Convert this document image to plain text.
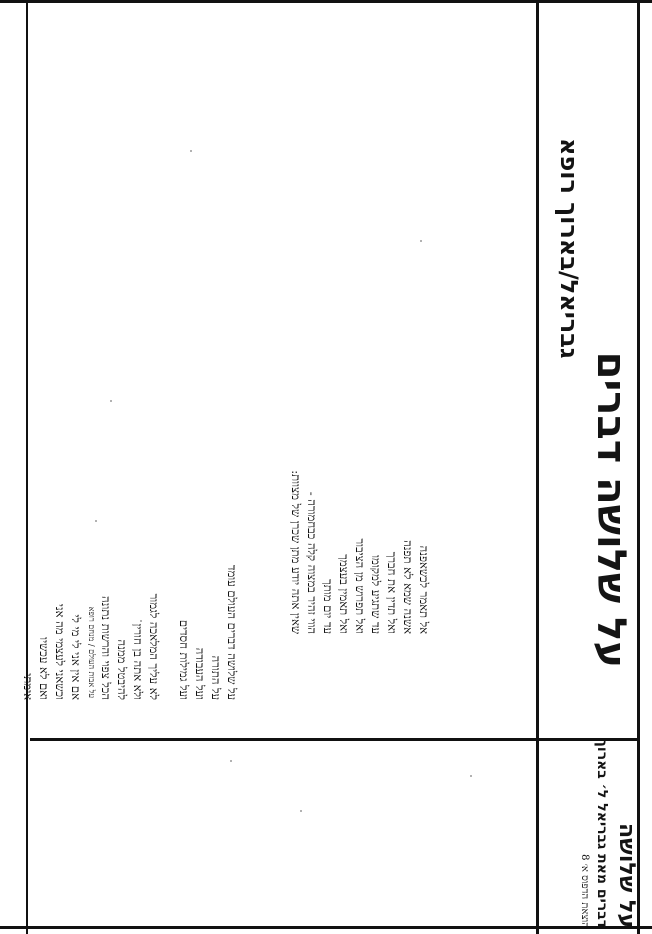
על שלושה דברים
גבריאל/בארוך רופא
אל תאמר לכשאפנה
אשנה שמא לא תפנה
ואל תדין את חברך
עד שתגיע למקומו
ואל תפרוש מן הציבור
ואל תאמין בעצמך
עד יום מותך
הווי זהיר במצוה קלה כבחמורה -
שאין אתה יודע מתן שכרן של מצוות:
על שלושה דברים העולם עומד
על התורה
ועל העבודה
ועל גמילות חסדים
לא עליך המלאכה לגמור
ולא אתה בן חורין
להיבטל ממנה
הכל צפוי והרשות נתונה
אם אין אני לי מי לי
וכשאני לעצמי מה אני
ואם לא עכשיו
אימתי	על אבות העולם / מנחם רופא
על שלושה
דברים מאת גבריאל ל׳ בארוך
הוצאת הדפוס א׳ 8
